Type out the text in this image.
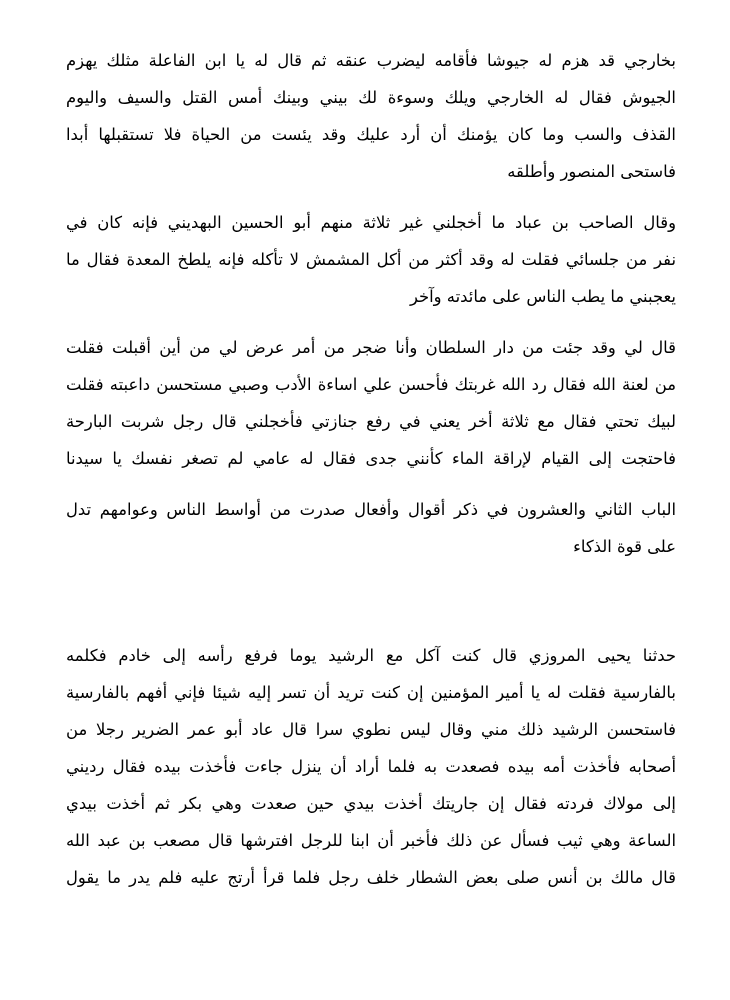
بخارجي قد هزم له جيوشا فأقامه ليضرب عنقه ثم قال له يا ابن الفاعلة مثلك يهزم
الجيوش فقال له الخارجي ويلك وسوءة لك بيني وبينك أمس القتل والسيف واليوم
القذف والسب وما كان يؤمنك أن أرد عليك وقد يئست من الحياة فلا تستقبلها أبدا
فاستحى المنصور وأطلقه
وقال الصاحب بن عباد ما أخجلني غير ثلاثة منهم أبو الحسين البهديني فإنه كان في
نفر من جلسائي فقلت له وقد أكثر من أكل المشمش لا تأكله فإنه يلطخ المعدة فقال ما
يعجبني ما يطب الناس على مائدته وآخر
قال لي وقد جئت من دار السلطان وأنا ضجر من أمر عرض لي من أين أقبلت فقلت
من لعنة الله فقال رد الله غربتك فأحسن علي اساءة الأدب وصبي مستحسن داعبته فقلت
لبيك تحتي فقال مع ثلاثة أخر يعني في رفع جنازتي فأخجلني قال رجل شربت البارحة
فاحتجت إلى القيام لإراقة الماء كأنني جدى فقال له عامي لم تصغر نفسك يا سيدنا
الباب الثاني والعشرون في ذكر أقوال وأفعال صدرت من أواسط الناس وعوامهم تدل
على قوة الذكاء
حدثنا يحيى المروزي قال كنت آكل مع الرشيد يوما فرفع رأسه إلى خادم فكلمه
بالفارسية فقلت له يا أمير المؤمنين إن كنت تريد أن تسر إليه شيئا فإني أفهم بالفارسية
فاستحسن الرشيد ذلك مني وقال ليس نطوي سرا قال عاد أبو عمر الضرير رجلا من
أصحابه فأخذت أمه بيده فصعدت به فلما أراد أن ينزل جاءت فأخذت بيده فقال رديني
إلى مولاك فردته فقال إن جاريتك أخذت بيدي حين صعدت وهي بكر ثم أخذت بيدي
الساعة وهي ثيب فسأل عن ذلك فأخبر أن ابنا للرجل افترشها قال مصعب بن عبد الله
قال مالك بن أنس صلى بعض الشطار خلف رجل فلما قرأ أرتج عليه فلم يدر ما يقول
